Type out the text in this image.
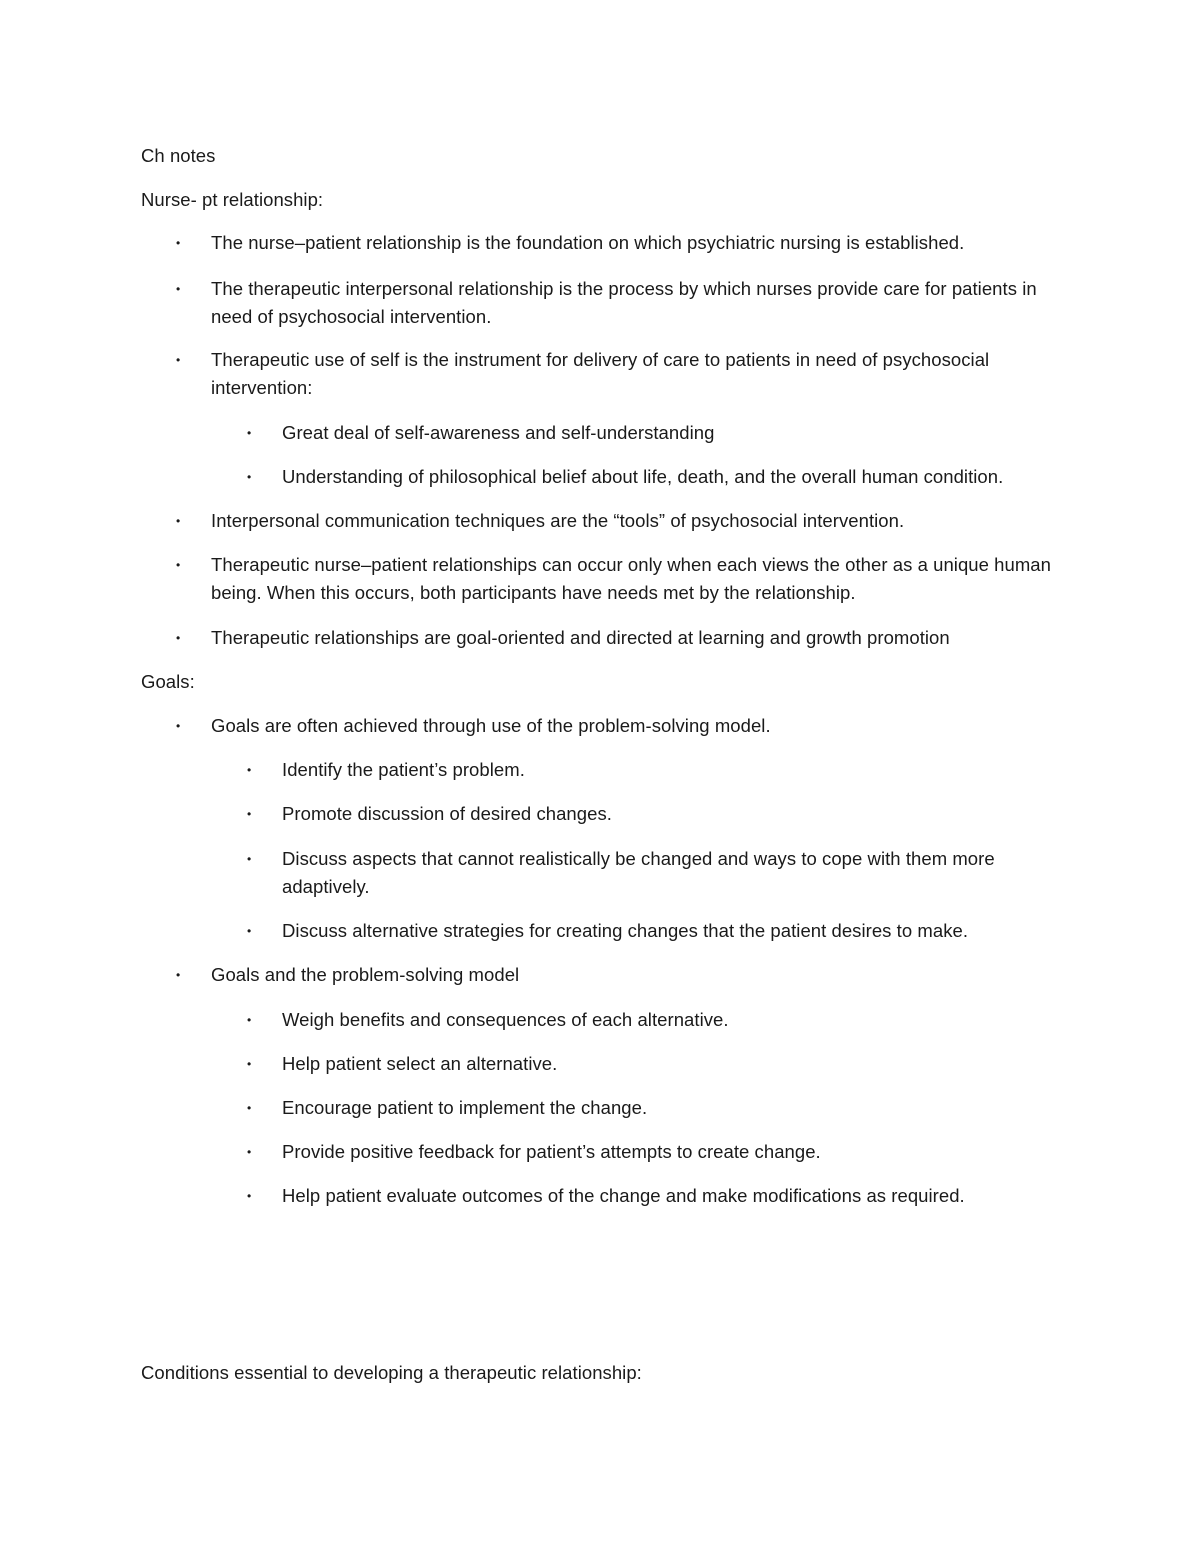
Ch notes
Nurse- pt relationship:
• The nurse–patient relationship is the foundation on which psychiatric nursing is established.
• The therapeutic interpersonal relationship is the process by which nurses provide care for patients in need of psychosocial intervention.
• Therapeutic use of self is the instrument for delivery of care to patients in need of psychosocial intervention:
• Great deal of self-awareness and self-understanding
• Understanding of philosophical belief about life, death, and the overall human condition.
• Interpersonal communication techniques are the “tools” of psychosocial intervention.
• Therapeutic nurse–patient relationships can occur only when each views the other as a unique human being. When this occurs, both participants have needs met by the relationship.
• Therapeutic relationships are goal-oriented and directed at learning and growth promotion
Goals:
• Goals are often achieved through use of the problem-solving model.
• Identify the patient’s problem.
• Promote discussion of desired changes.
• Discuss aspects that cannot realistically be changed and ways to cope with them more adaptively.
• Discuss alternative strategies for creating changes that the patient desires to make.
• Goals and the problem-solving model
• Weigh benefits and consequences of each alternative.
• Help patient select an alternative.
• Encourage patient to implement the change.
• Provide positive feedback for patient’s attempts to create change.
• Help patient evaluate outcomes of the change and make modifications as required.
Conditions essential to developing a therapeutic relationship:
